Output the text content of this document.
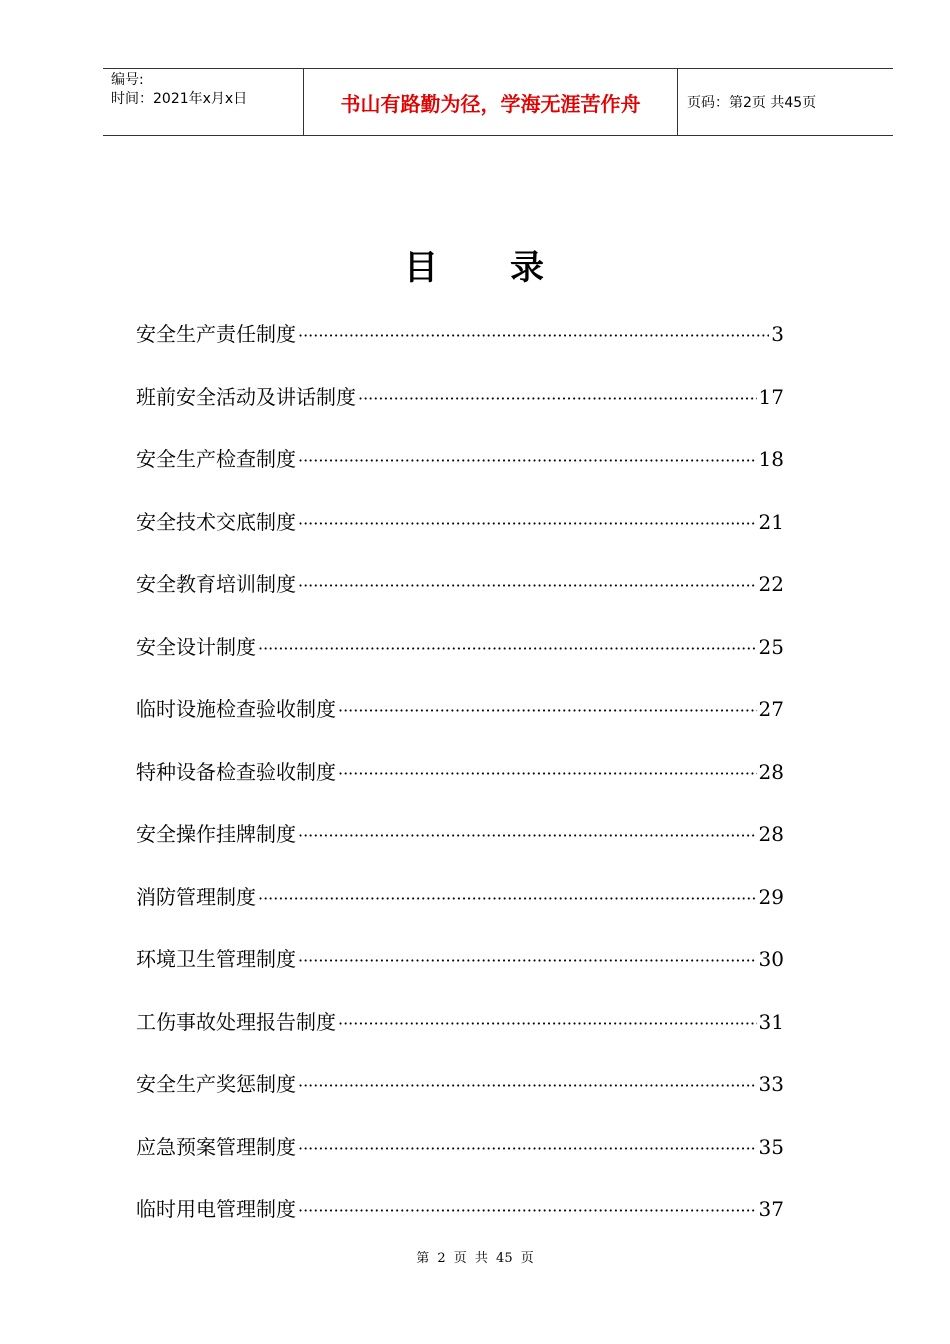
编号:
时间：2021年x月x日	书山有路勤为径，学海无涯苦作舟	页码：第2页 共45页
目 录
安全生产责任制度 ·····	3
班前安全活动及讲话制度 ·····	17
安全生产检查制度 ·····	18
安全技术交底制度 ·····	21
安全教育培训制度 ·····	22
安全设计制度 ·····	25
临时设施检查验收制度 ·····	27
特种设备检查验收制度 ·····	28
安全操作挂牌制度 ·····	28
消防管理制度 ·····	29
环境卫生管理制度 ·····	30
工伤事故处理报告制度 ·····	31
安全生产奖惩制度 ·····	33
应急预案管理制度 ·····	35
临时用电管理制度 ·····	37
第 2 页 共 45 页
